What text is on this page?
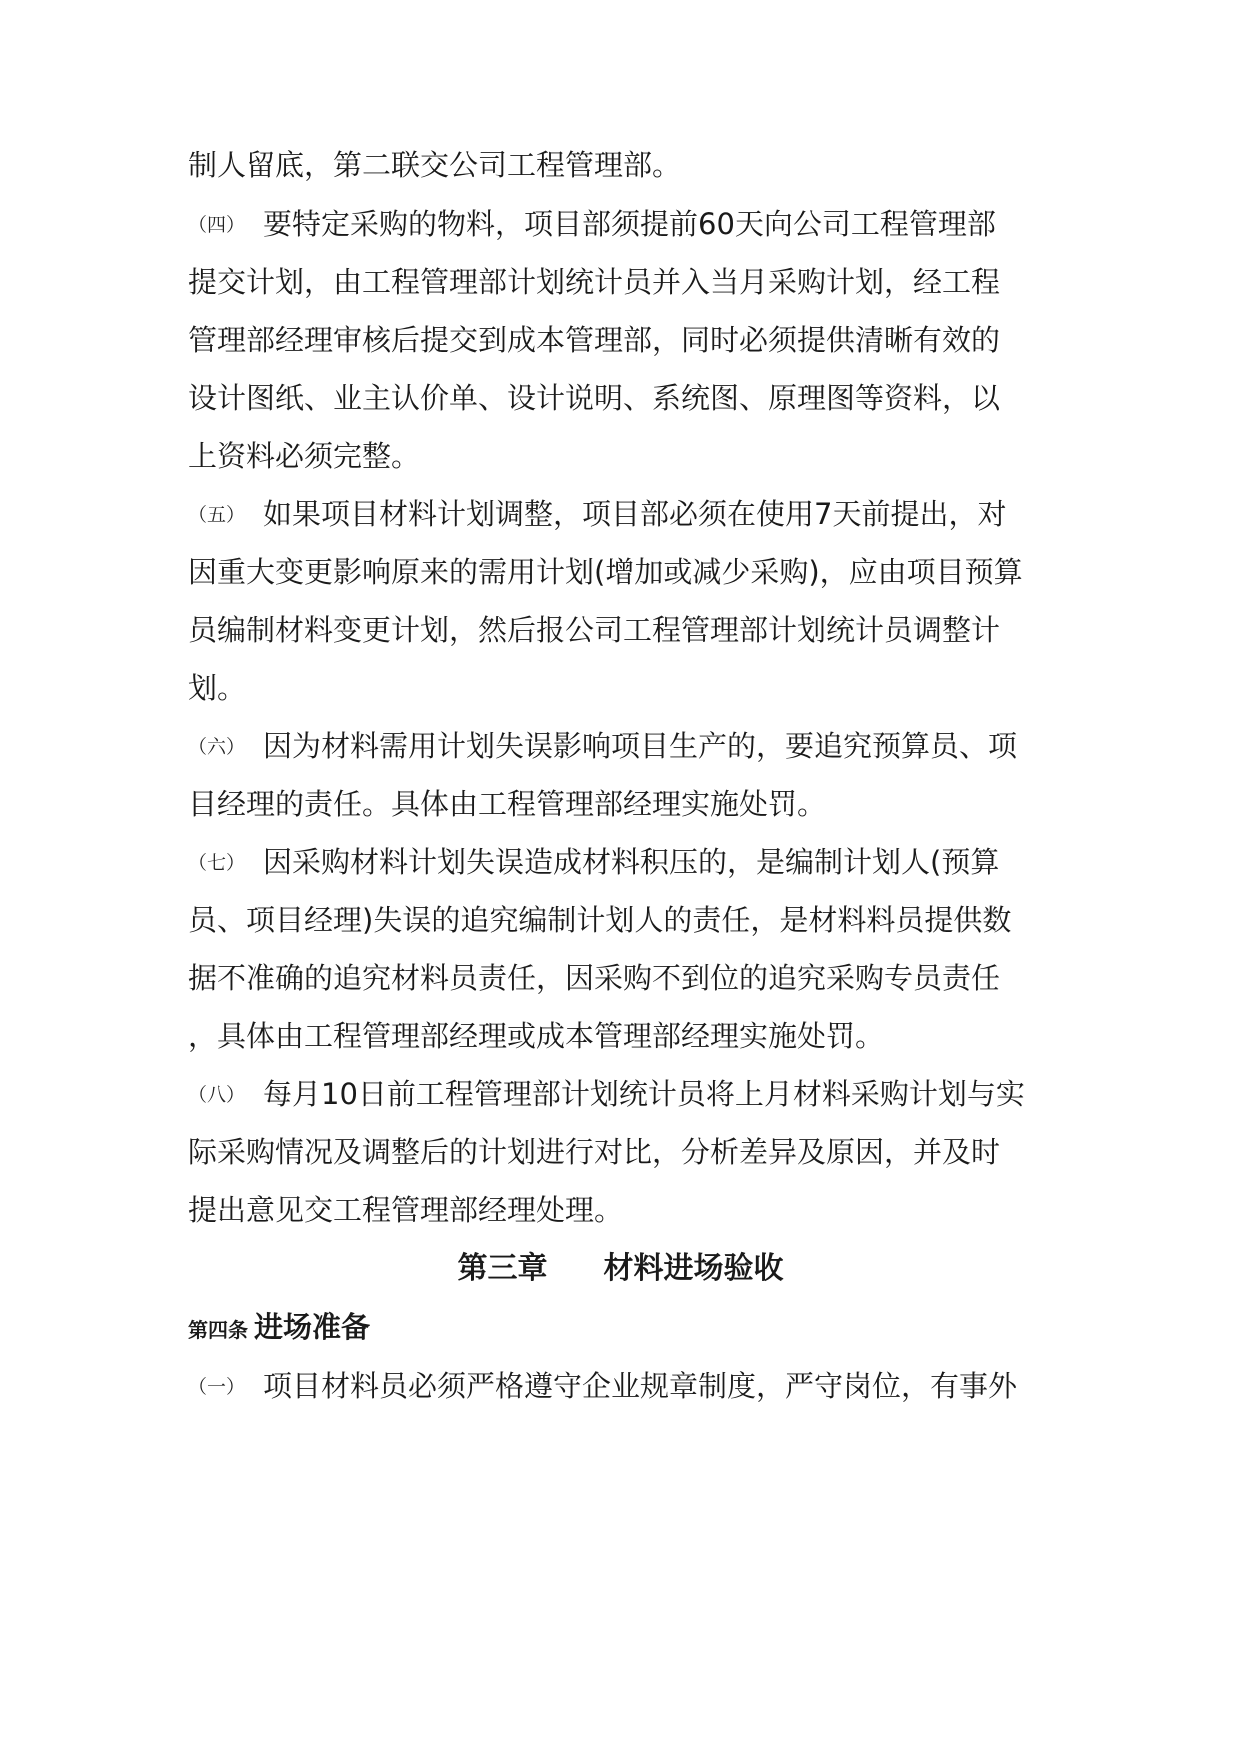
制人留底，第二联交公司工程管理部。
（四） 要特定采购的物料，项目部须提前60天向公司工程管理部
提交计划，由工程管理部计划统计员并入当月采购计划，经工程
管理部经理审核后提交到成本管理部，同时必须提供清晰有效的
设计图纸、业主认价单、设计说明、系统图、原理图等资料，以
上资料必须完整。
（五） 如果项目材料计划调整，项目部必须在使用7天前提出，对
因重大变更影响原来的需用计划(增加或减少采购)，应由项目预算
员编制材料变更计划，然后报公司工程管理部计划统计员调整计
划。
（六） 因为材料需用计划失误影响项目生产的，要追究预算员、项
目经理的责任。具体由工程管理部经理实施处罚。
（七） 因采购材料计划失误造成材料积压的，是编制计划人(预算
员、项目经理)失误的追究编制计划人的责任，是材料料员提供数
据不准确的追究材料员责任，因采购不到位的追究采购专员责任
，具体由工程管理部经理或成本管理部经理实施处罚。
（八） 每月10日前工程管理部计划统计员将上月材料采购计划与实
际采购情况及调整后的计划进行对比，分析差异及原因，并及时
提出意见交工程管理部经理处理。
第三章 材料进场验收
第四条 进场准备
（一） 项目材料员必须严格遵守企业规章制度，严守岗位，有事外
